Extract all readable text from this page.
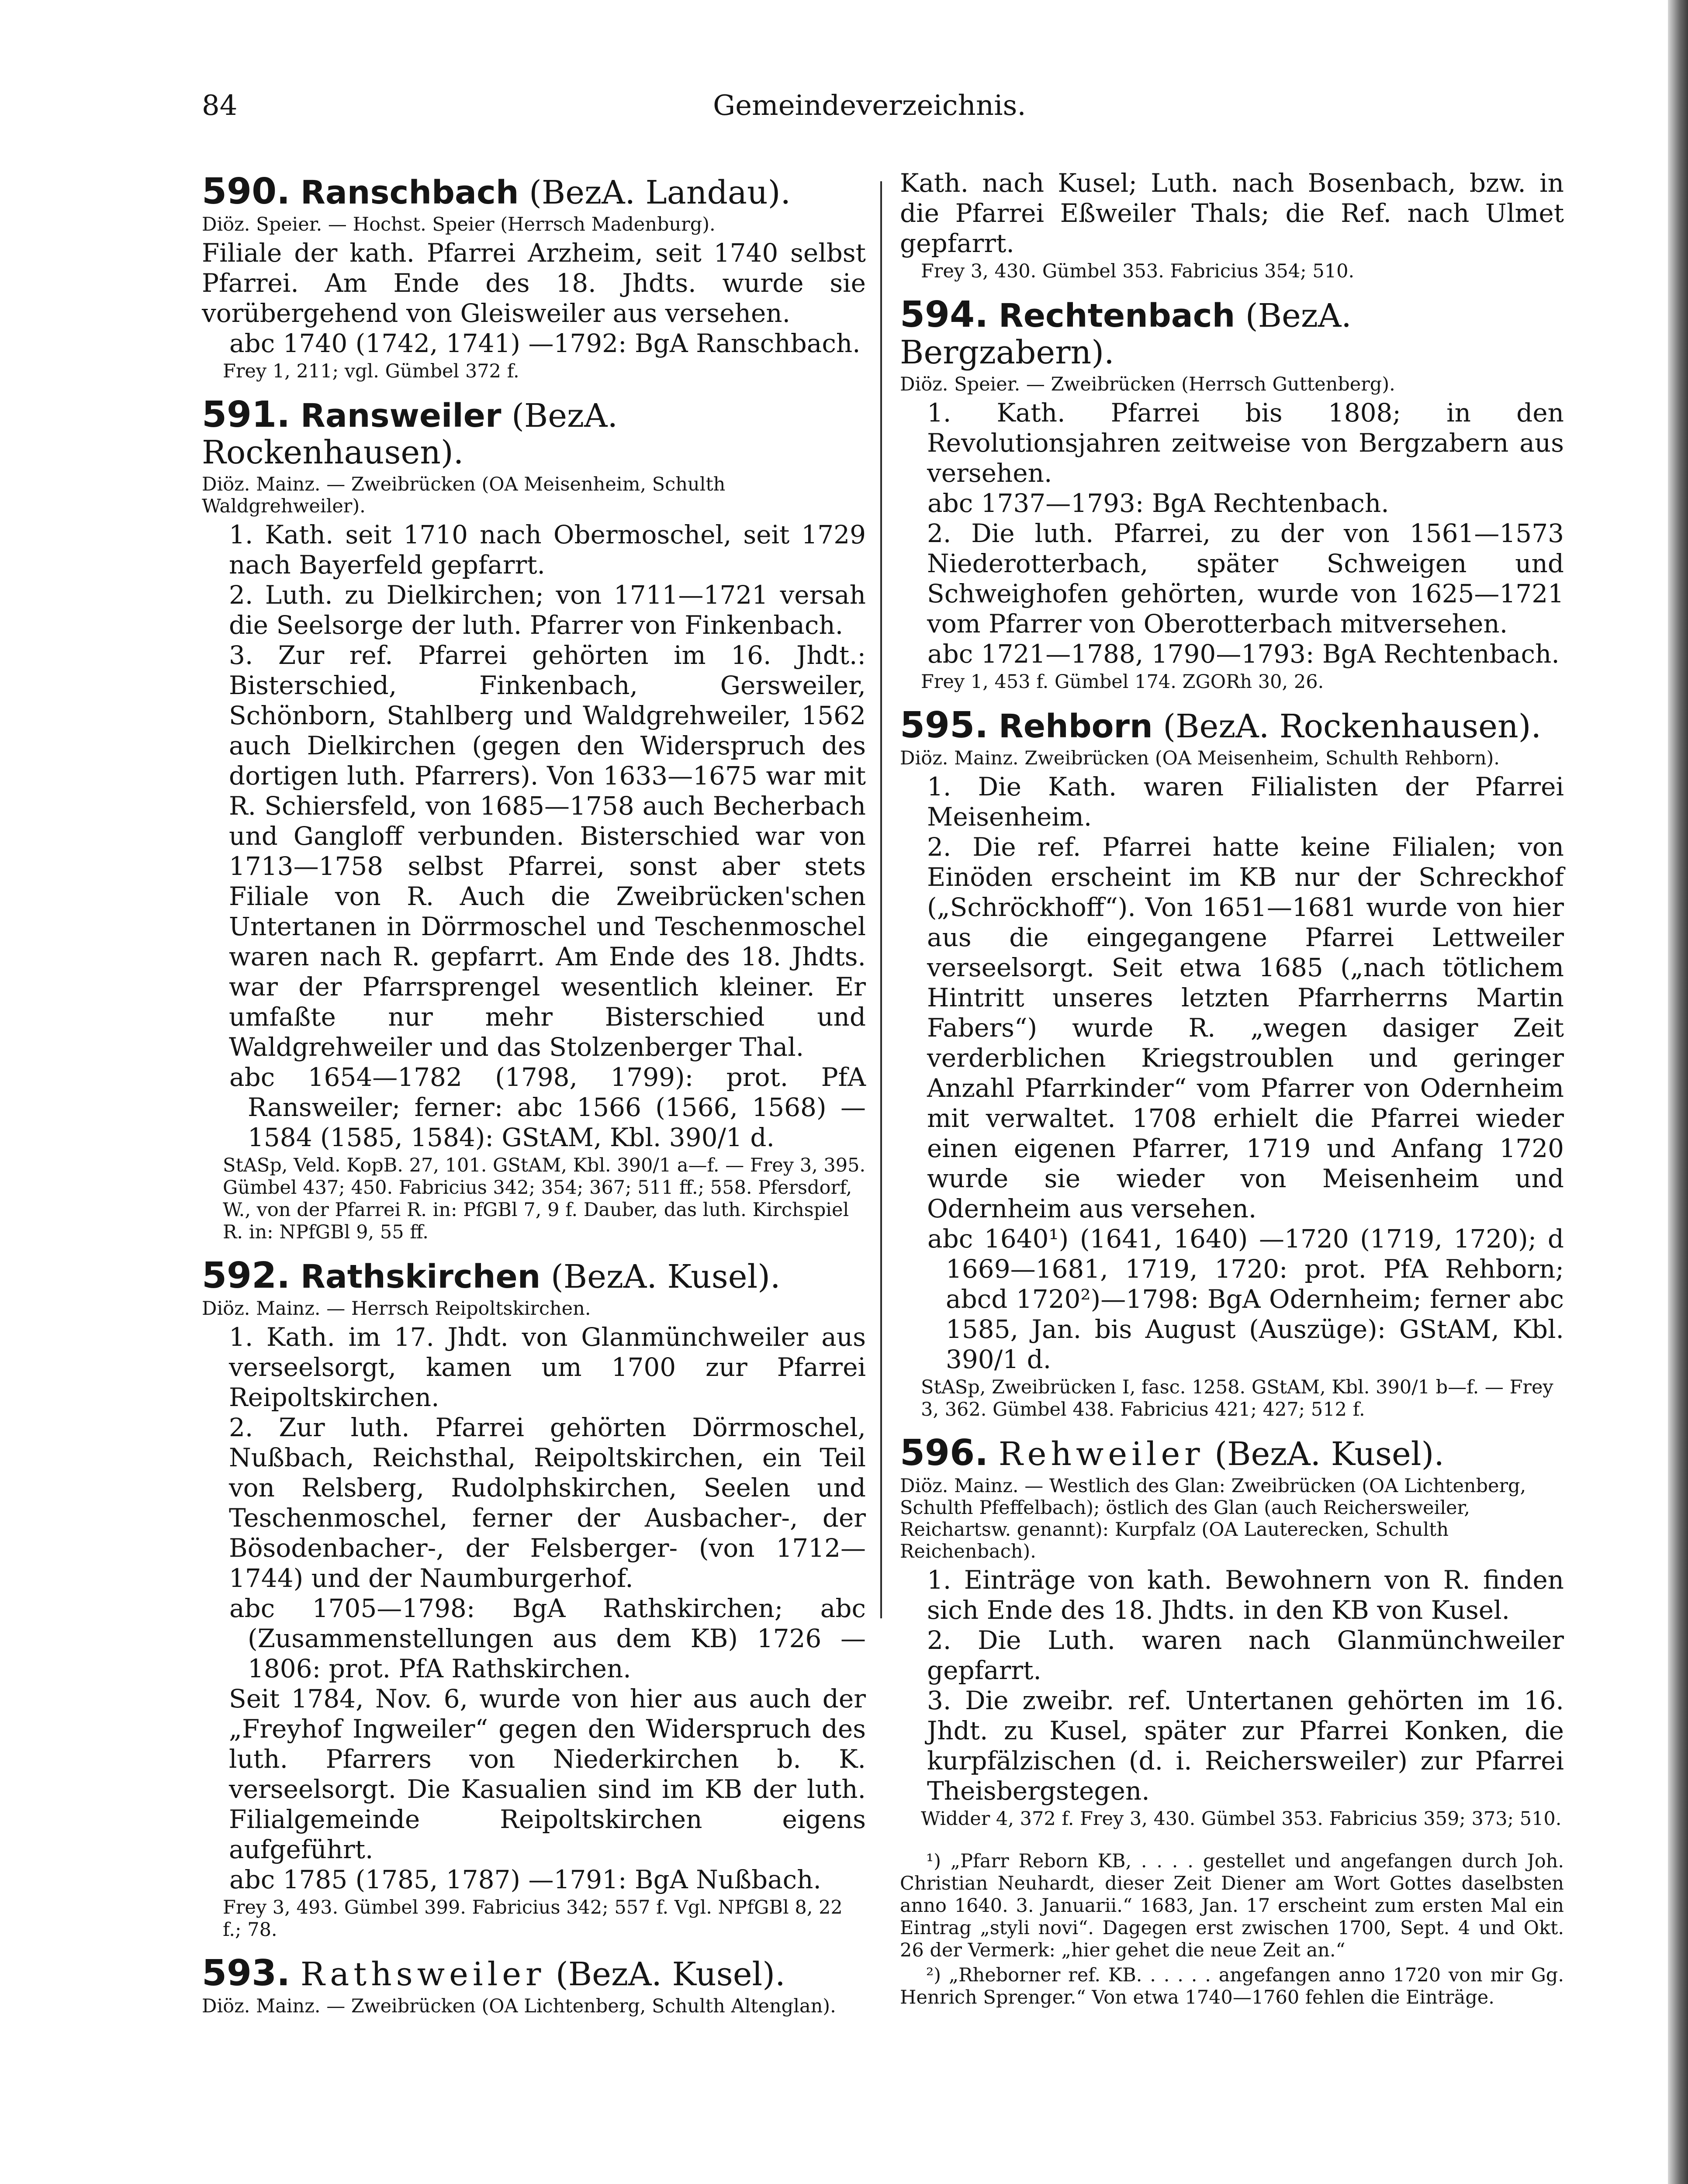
84	Gemeindeverzeichnis.
590. Ranschbach (BezA. Landau).
Diöz. Speier. — Hochst. Speier (Herrsch Madenburg).

Filiale der kath. Pfarrei Arzheim, seit 1740 selbst Pfarrei. Am Ende des 18. Jhdts. wurde sie vorübergehend von Gleisweiler aus versehen.

abc 1740 (1742, 1741) —1792: BgA Ranschbach.

Frey 1, 211; vgl. Gümbel 372 f.
591. Ransweiler (BezA. Rockenhausen).
Diöz. Mainz. — Zweibrücken (OA Meisenheim, Schulth Waldgrehweiler).

1. Kath. seit 1710 nach Obermoschel, seit 1729 nach Bayerfeld gepfarrt.

2. Luth. zu Dielkirchen; von 1711—1721 versah die Seelsorge der luth. Pfarrer von Finkenbach.

3. Zur ref. Pfarrei gehörten im 16. Jhdt.: Bisterschied, Finkenbach, Gersweiler, Schönborn, Stahlberg und Waldgrehweiler, 1562 auch Dielkirchen (gegen den Widerspruch des dortigen luth. Pfarrers). Von 1633—1675 war mit R. Schiersfeld, von 1685—1758 auch Becherbach und Gangloff verbunden. Bisterschied war von 1713—1758 selbst Pfarrei, sonst aber stets Filiale von R. Auch die Zweibrücken'schen Untertanen in Dörrmoschel und Teschenmoschel waren nach R. gepfarrt. Am Ende des 18. Jhdts. war der Pfarrsprengel wesentlich kleiner. Er umfaßte nur mehr Bisterschied und Waldgrehweiler und das Stolzenberger Thal.

abc 1654—1782 (1798, 1799): prot. PfA Ransweiler; ferner: abc 1566 (1566, 1568) —1584 (1585, 1584): GStAM, Kbl. 390/1 d.

StASp, Veld. KopB. 27, 101. GStAM, Kbl. 390/1 a—f. — Frey 3, 395. Gümbel 437; 450. Fabricius 342; 354; 367; 511 ff.; 558. Pfersdorf, W., von der Pfarrei R. in: PfGBl 7, 9 f. Dauber, das luth. Kirchspiel R. in: NPfGBl 9, 55 ff.
592. Rathskirchen (BezA. Kusel).
Diöz. Mainz. — Herrsch Reipoltskirchen.

1. Kath. im 17. Jhdt. von Glanmünchweiler aus verseelsorgt, kamen um 1700 zur Pfarrei Reipoltskirchen.

2. Zur luth. Pfarrei gehörten Dörrmoschel, Nußbach, Reichsthal, Reipoltskirchen, ein Teil von Relsberg, Rudolphskirchen, Seelen und Teschenmoschel, ferner der Ausbacher-, der Bösodenbacher-, der Felsberger- (von 1712—1744) und der Naumburgerhof.

abc 1705—1798: BgA Rathskirchen; abc (Zusammenstellungen aus dem KB) 1726 —1806: prot. PfA Rathskirchen.

Seit 1784, Nov. 6, wurde von hier aus auch der „Freyhof Ingweiler“ gegen den Widerspruch des luth. Pfarrers von Niederkirchen b. K. verseelsorgt. Die Kasualien sind im KB der luth. Filialgemeinde Reipoltskirchen eigens aufgeführt.

abc 1785 (1785, 1787) —1791: BgA Nußbach.

Frey 3, 493. Gümbel 399. Fabricius 342; 557 f. Vgl. NPfGBl 8, 22 f.; 78.
593. Rathsweiler (BezA. Kusel).
Diöz. Mainz. — Zweibrücken (OA Lichtenberg, Schulth Altenglan).

Kath. nach Kusel; Luth. nach Bosenbach, bzw. in die Pfarrei Eßweiler Thals; die Ref. nach Ulmet gepfarrt.

Frey 3, 430. Gümbel 353. Fabricius 354; 510.
594. Rechtenbach (BezA. Bergzabern).
Diöz. Speier. — Zweibrücken (Herrsch Guttenberg).

1. Kath. Pfarrei bis 1808; in den Revolutionsjahren zeitweise von Bergzabern aus versehen.

abc 1737—1793: BgA Rechtenbach.

2. Die luth. Pfarrei, zu der von 1561—1573 Niederotterbach, später Schweigen und Schweighofen gehörten, wurde von 1625—1721 vom Pfarrer von Oberotterbach mitversehen.

abc 1721—1788, 1790—1793: BgA Rechtenbach.

Frey 1, 453 f. Gümbel 174. ZGORh 30, 26.
595. Rehborn (BezA. Rockenhausen).
Diöz. Mainz. Zweibrücken (OA Meisenheim, Schulth Rehborn).

1. Die Kath. waren Filialisten der Pfarrei Meisenheim.

2. Die ref. Pfarrei hatte keine Filialen; von Einöden erscheint im KB nur der Schreckhof („Schröckhoff“). Von 1651—1681 wurde von hier aus die eingegangene Pfarrei Lettweiler verseelsorgt. Seit etwa 1685 („nach tötlichem Hintritt unseres letzten Pfarrherrns Martin Fabers“) wurde R. „wegen dasiger Zeit verderblichen Kriegstroublen und geringer Anzahl Pfarrkinder“ vom Pfarrer von Odernheim mit verwaltet. 1708 erhielt die Pfarrei wieder einen eigenen Pfarrer, 1719 und Anfang 1720 wurde sie wieder von Meisenheim und Odernheim aus versehen.

abc 1640¹) (1641, 1640) —1720 (1719, 1720); d 1669—1681, 1719, 1720: prot. PfA Rehborn; abcd 1720²)—1798: BgA Odernheim; ferner abc 1585, Jan. bis August (Auszüge): GStAM, Kbl. 390/1 d.

StASp, Zweibrücken I, fasc. 1258. GStAM, Kbl. 390/1 b—f. — Frey 3, 362. Gümbel 438. Fabricius 421; 427; 512 f.
596. Rehweiler (BezA. Kusel).
Diöz. Mainz. — Westlich des Glan: Zweibrücken (OA Lichtenberg, Schulth Pfeffelbach); östlich des Glan (auch Reichersweiler, Reichartsw. genannt): Kurpfalz (OA Lauterecken, Schulth Reichenbach).

1. Einträge von kath. Bewohnern von R. finden sich Ende des 18. Jhdts. in den KB von Kusel.

2. Die Luth. waren nach Glanmünchweiler gepfarrt.

3. Die zweibr. ref. Untertanen gehörten im 16. Jhdt. zu Kusel, später zur Pfarrei Konken, die kurpfälzischen (d. i. Reichersweiler) zur Pfarrei Theisbergstegen.

Widder 4, 372 f. Frey 3, 430. Gümbel 353. Fabricius 359; 373; 510.

¹) „Pfarr Reborn KB, . . . . gestellet und angefangen durch Joh. Christian Neuhardt, dieser Zeit Diener am Wort Gottes daselbsten anno 1640. 3. Januarii.“ 1683, Jan. 17 erscheint zum ersten Mal ein Eintrag „styli novi“. Dagegen erst zwischen 1700, Sept. 4 und Okt. 26 der Vermerk: „hier gehet die neue Zeit an.“

²) „Rheborner ref. KB. . . . . . angefangen anno 1720 von mir Gg. Henrich Sprenger.“ Von etwa 1740—1760 fehlen die Einträge.
